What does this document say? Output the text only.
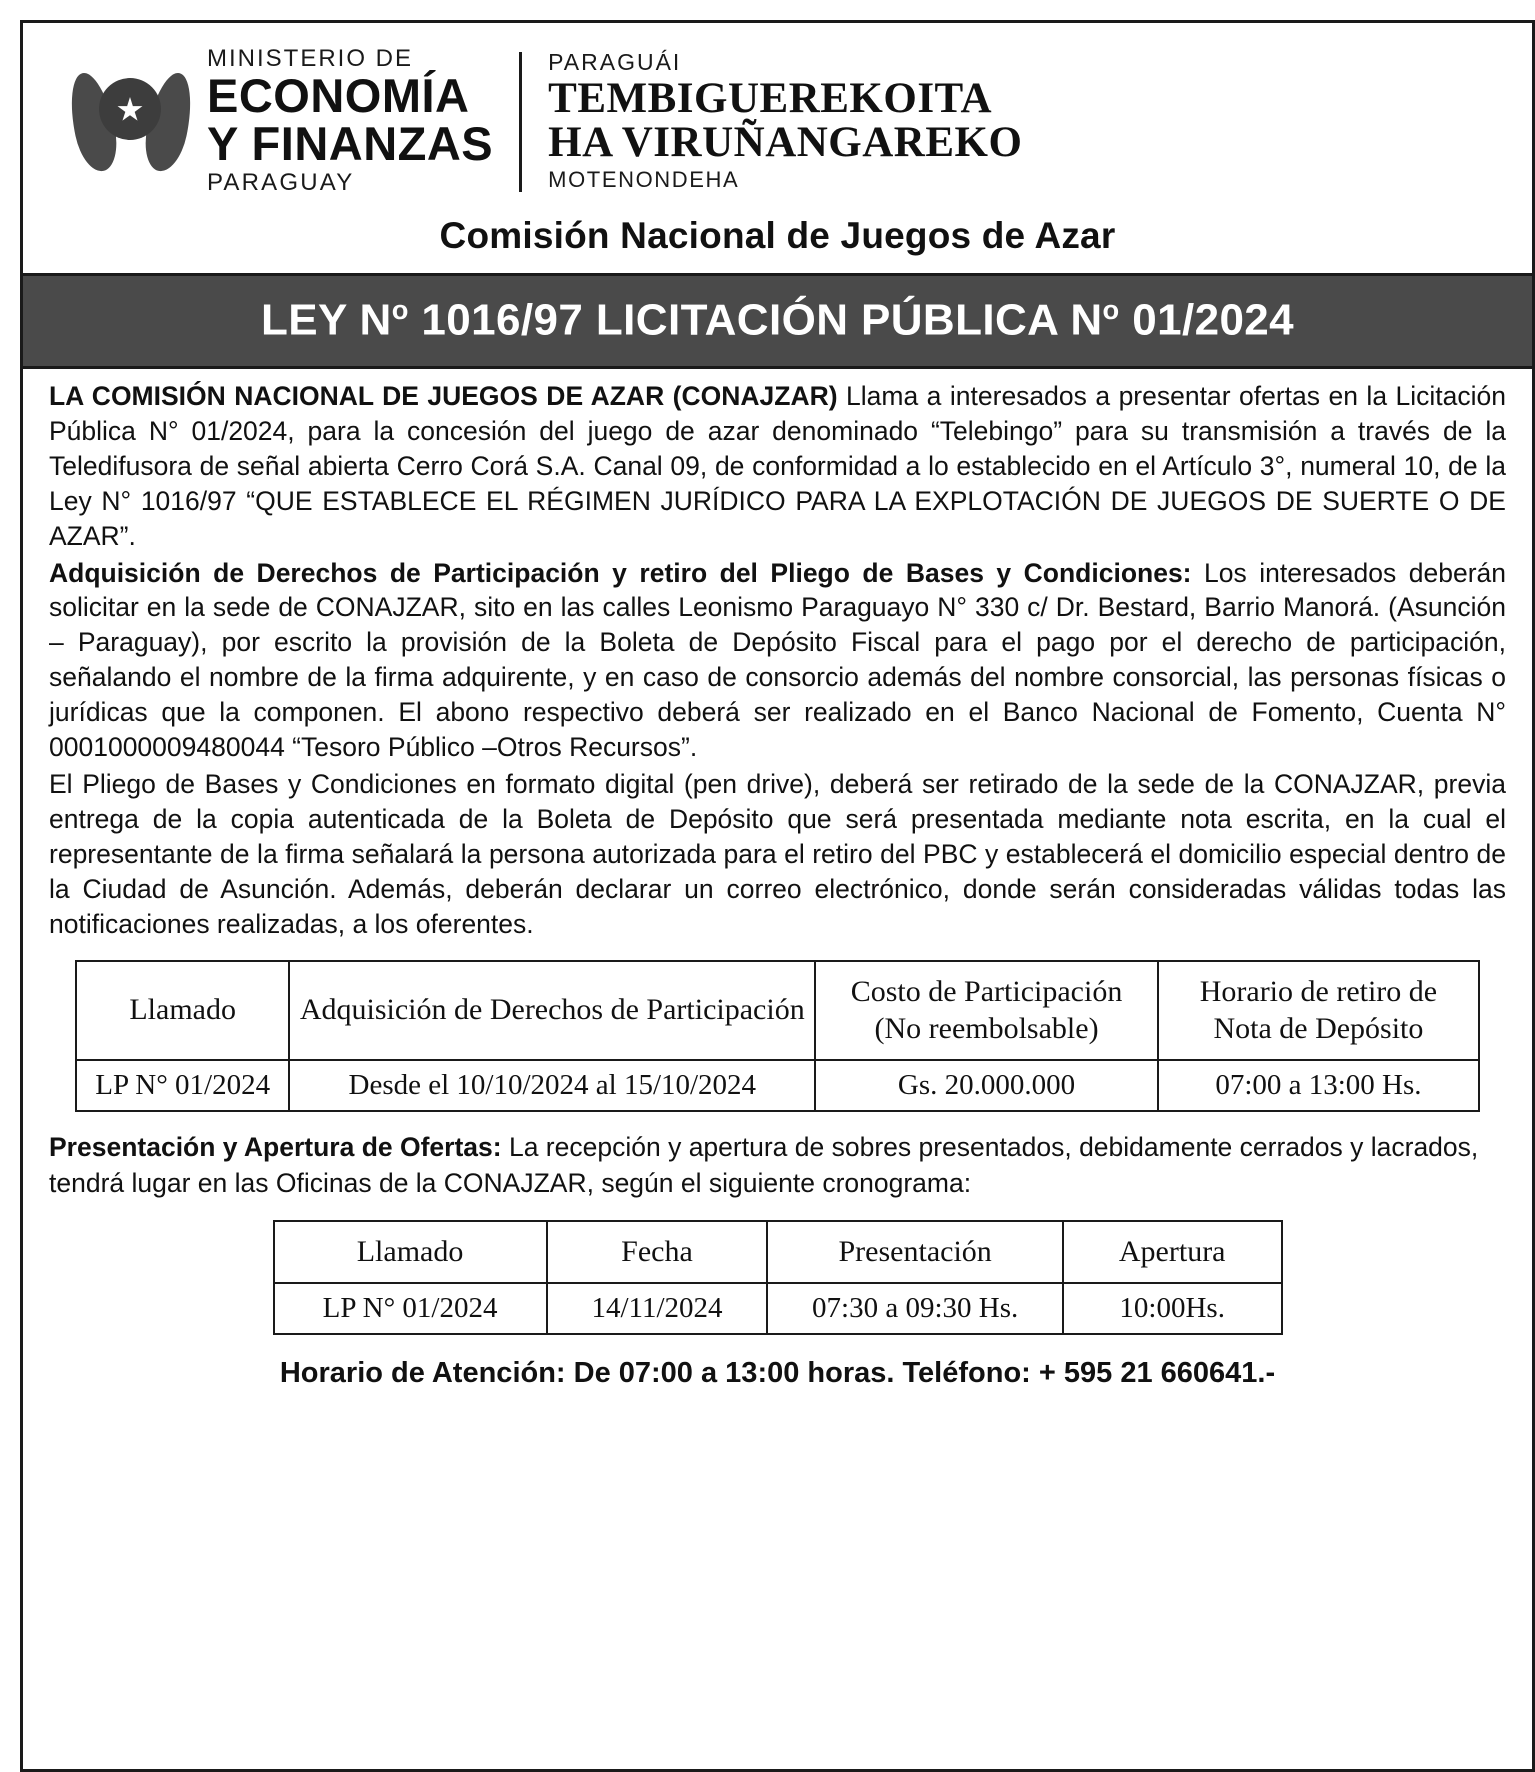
MINISTERIO DE
ECONOMÍA
Y FINANZAS
PARAGUAY
PARAGUÁI
TEMBIGUEREKOITA
HA VIRUÑANGAREKO
MOTENONDEHA
Comisión Nacional de Juegos de Azar
LEY $N^o$ 1016/97 LICITACIÓN PÚBLICA $N^o$ 01/2024

LA COMISIÓN NACIONAL DE JUEGOS DE AZAR (CONAJZAR) Llama a interesados a presentar ofertas en la Licitación Pública N° 01/2024, para la concesión del juego de azar denominado “Telebingo” para su transmisión a través de la Teledifusora de señal abierta Cerro Corá S.A. Canal 09, de conformidad a lo establecido en el Artículo 3°, numeral 10, de la Ley N° 1016/97 “QUE ESTABLECE EL RÉGIMEN JURÍDICO PARA LA EXPLOTACIÓN DE JUEGOS DE SUERTE O DE AZAR”.

Adquisición de Derechos de Participación y retiro del Pliego de Bases y Condiciones: Los interesados deberán solicitar en la sede de CONAJZAR, sito en las calles Leonismo Paraguayo N° 330 c/ Dr. Bestard, Barrio Manorá. (Asunción – Paraguay), por escrito la provisión de la Boleta de Depósito Fiscal para el pago por el derecho de participación, señalando el nombre de la firma adquirente, y en caso de consorcio además del nombre consorcial, las personas físicas o jurídicas que la componen. El abono respectivo deberá ser realizado en el Banco Nacional de Fomento, Cuenta N° 0001000009480044 “Tesoro Público –Otros Recursos”.

El Pliego de Bases y Condiciones en formato digital (pen drive), deberá ser retirado de la sede de la CONAJZAR, previa entrega de la copia autenticada de la Boleta de Depósito que será presentada mediante nota escrita, en la cual el representante de la firma señalará la persona autorizada para el retiro del PBC y establecerá el domicilio especial dentro de la Ciudad de Asunción. Además, deberán declarar un correo electrónico, donde serán consideradas válidas todas las notificaciones realizadas, a los oferentes.

Llamado	Adquisición de Derechos de Participación	Costo de Participación (No reembolsable)	Horario de retiro de Nota de Depósito
LP N° 01/2024	Desde el 10/10/2024 al 15/10/2024	Gs. 20.000.000	07:00 a 13:00 Hs.
Presentación y Apertura de Ofertas: La recepción y apertura de sobres presentados, debidamente cerrados y lacrados, tendrá lugar en las Oficinas de la CONAJZAR, según el siguiente cronograma:
Llamado	Fecha	Presentación	Apertura
LP N° 01/2024	14/11/2024	07:30 a 09:30 Hs.	10:00Hs.
Horario de Atención: De 07:00 a 13:00 horas. Teléfono: + 595 21 660641.-
